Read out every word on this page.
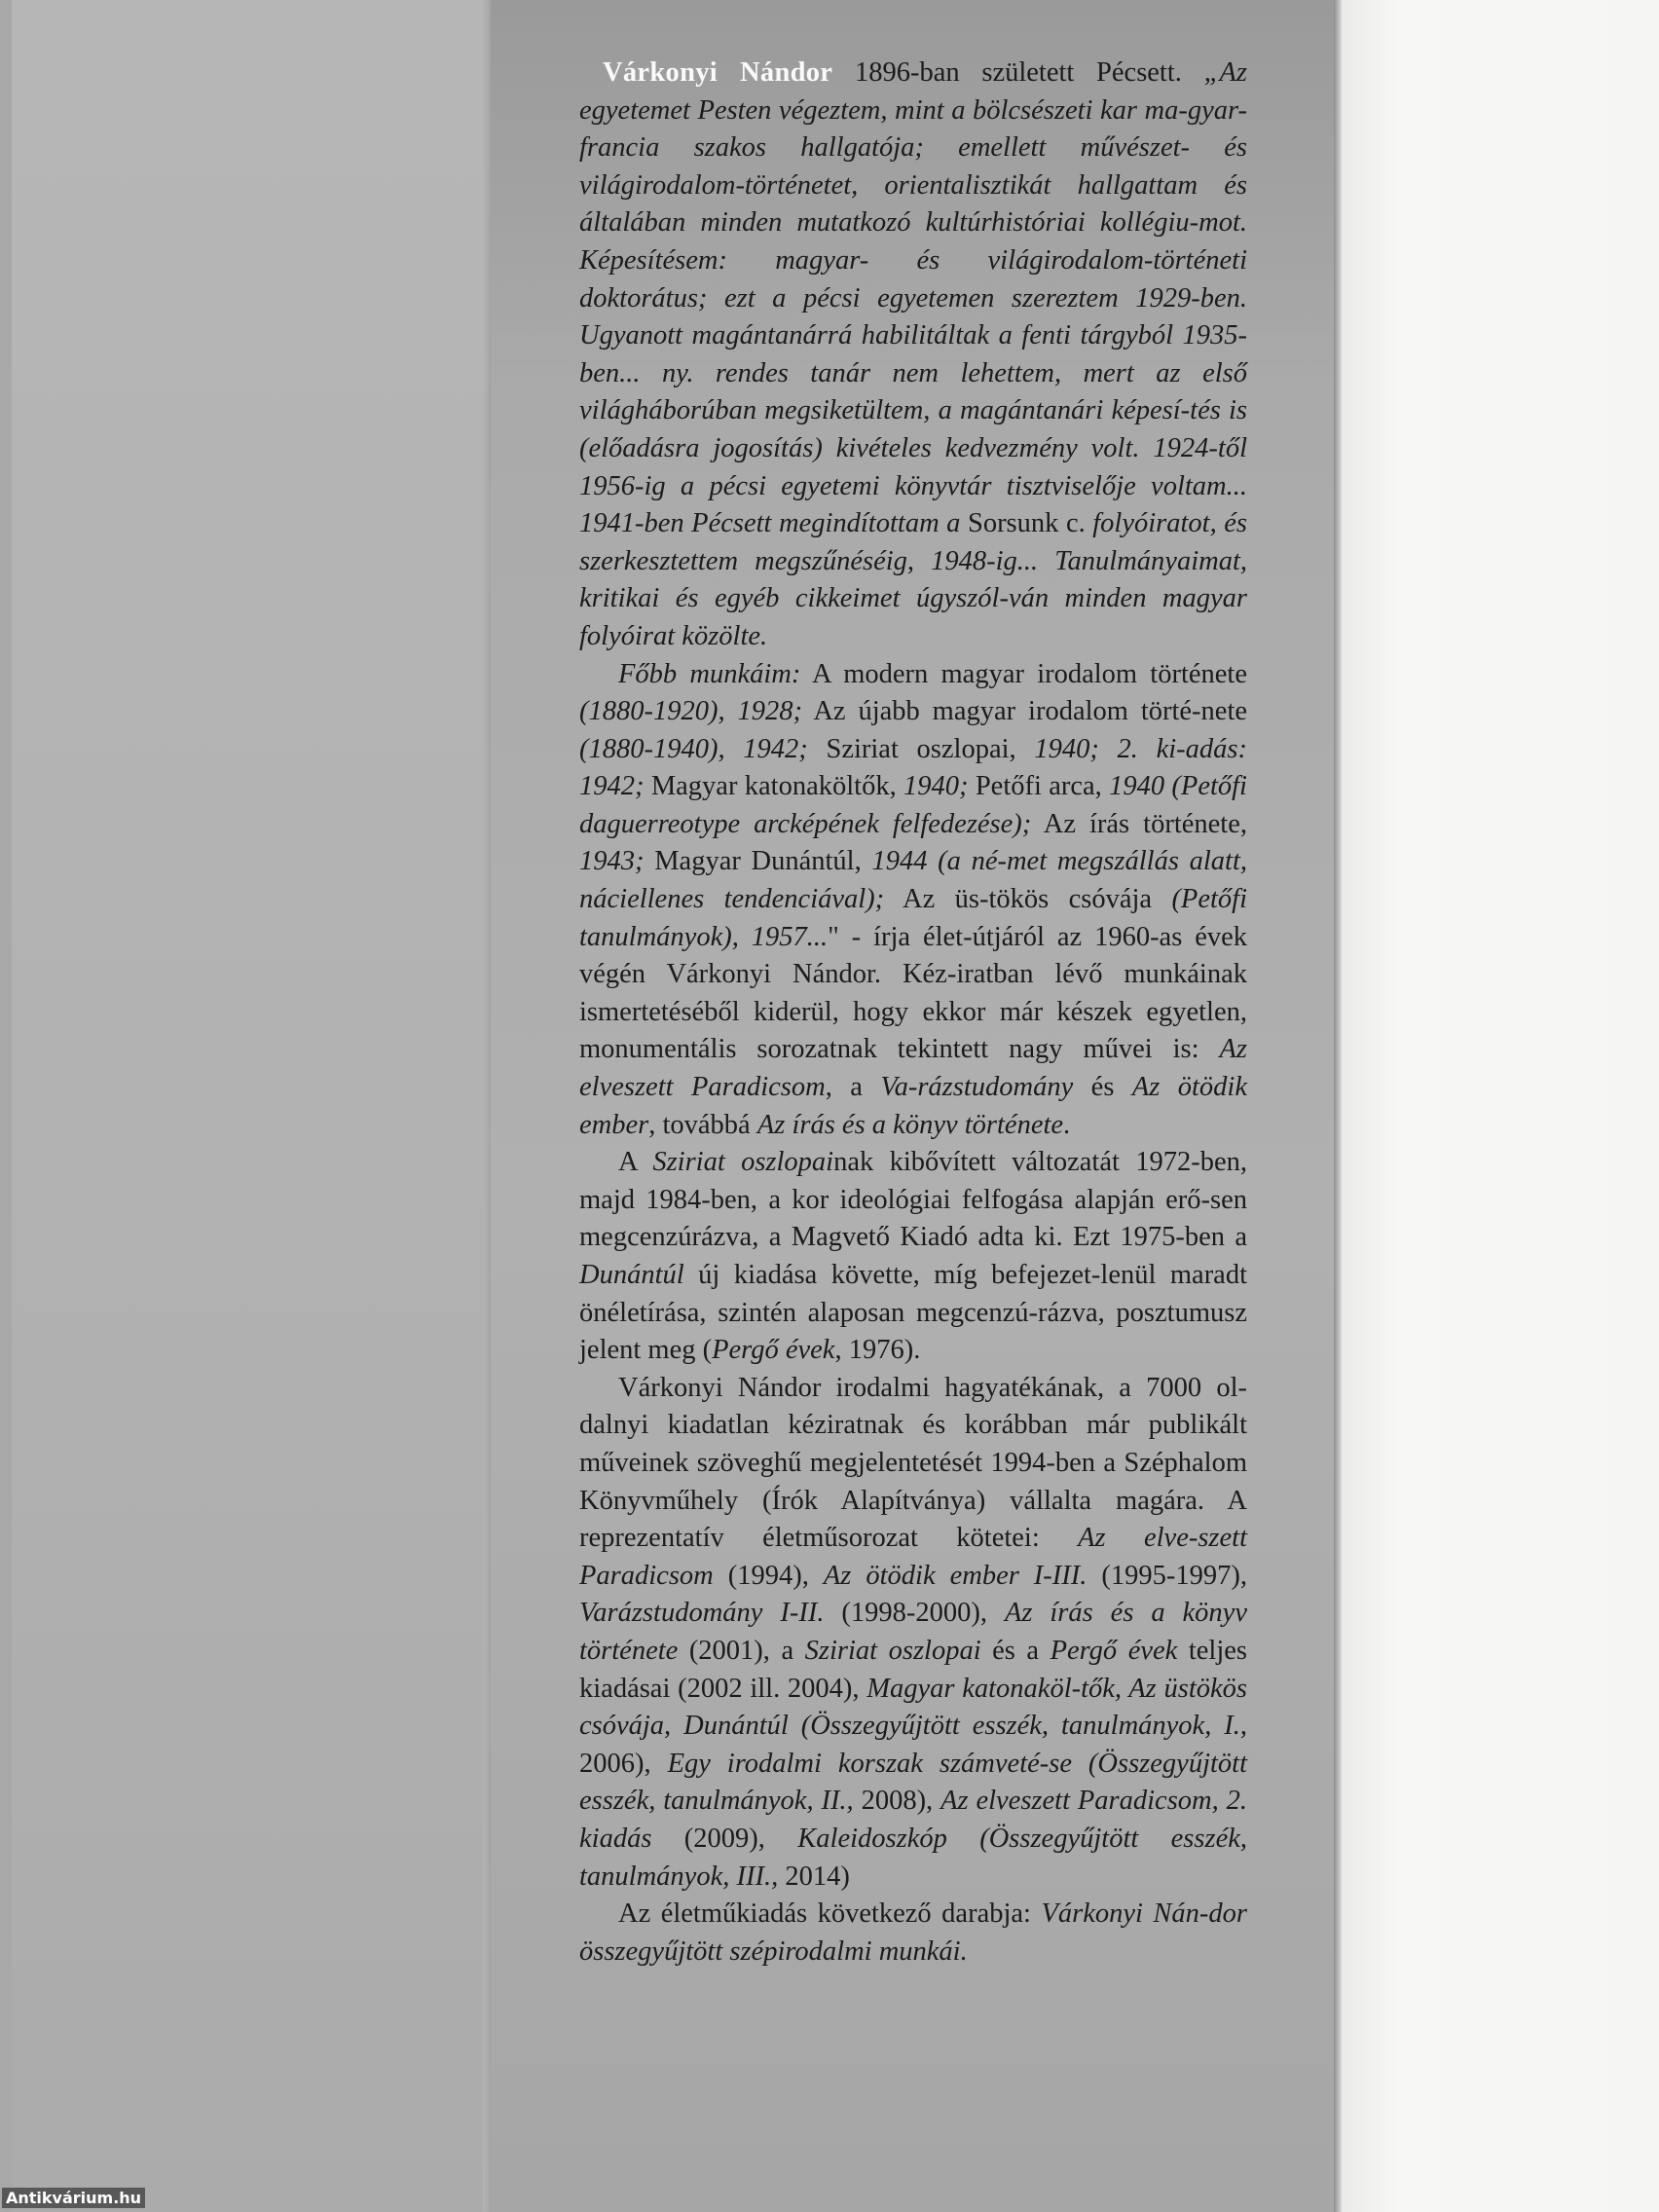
Várkonyi Nándor 1896-ban született Pécsett. „Az egyetemet Pesten végeztem, mint a bölcsészeti kar ma-gyar-francia szakos hallgatója; emellett művészet- és világirodalom-történetet, orientalisztikát hallgattam és általában minden mutatkozó kultúrhistóriai kollégiu-mot. Képesítésem: magyar- és világirodalom-történeti doktorátus; ezt a pécsi egyetemen szereztem 1929-ben. Ugyanott magántanárrá habilitáltak a fenti tárgyból 1935-ben... ny. rendes tanár nem lehettem, mert az első világháborúban megsiketültem, a magántanári képesí-tés is (előadásra jogosítás) kivételes kedvezmény volt. 1924-től 1956-ig a pécsi egyetemi könyvtár tisztviselője voltam... 1941-ben Pécsett megindítottam a Sorsunk c. folyóiratot, és szerkesztettem megszűnéséig, 1948-ig... Tanulmányaimat, kritikai és egyéb cikkeimet úgyszól-ván minden magyar folyóirat közölte.

Főbb munkáim: A modern magyar irodalom története (1880-1920), 1928; Az újabb magyar irodalom törté-nete (1880-1940), 1942; Sziriat oszlopai, 1940; 2. ki-adás: 1942; Magyar katonaköltők, 1940; Petőfi arca, 1940 (Petőfi daguerreotype arcképének felfedezése); Az írás története, 1943; Magyar Dunántúl, 1944 (a né-met megszállás alatt, náciellenes tendenciával); Az üs-tökös csóvája (Petőfi tanulmányok), 1957..." - írja élet-útjáról az 1960-as évek végén Várkonyi Nándor. Kéz-iratban lévő munkáinak ismertetéséből kiderül, hogy ekkor már készek egyetlen, monumentális sorozatnak tekintett nagy művei is: Az elveszett Paradicsom, a Va-rázstudomány és Az ötödik ember, továbbá Az írás és a könyv története.

A Sziriat oszlopainak kibővített változatát 1972-ben, majd 1984-ben, a kor ideológiai felfogása alapján erő-sen megcenzúrázva, a Magvető Kiadó adta ki. Ezt 1975-ben a Dunántúl új kiadása követte, míg befejezet-lenül maradt önéletírása, szintén alaposan megcenzú-rázva, posztumusz jelent meg (Pergő évek, 1976).

Várkonyi Nándor irodalmi hagyatékának, a 7000 ol-dalnyi kiadatlan kéziratnak és korábban már publikált műveinek szöveghű megjelentetését 1994-ben a Széphalom Könyvműhely (Írók Alapítványa) vállalta magára. A reprezentatív életműsorozat kötetei: Az elve-szett Paradicsom (1994), Az ötödik ember I-III. (1995-1997), Varázstudomány I-II. (1998-2000), Az írás és a könyv története (2001), a Sziriat oszlopai és a Pergő évek teljes kiadásai (2002 ill. 2004), Magyar katonaköl-tők, Az üstökös csóvája, Dunántúl (Összegyűjtött esszék, tanulmányok, I., 2006), Egy irodalmi korszak számveté-se (Összegyűjtött esszék, tanulmányok, II., 2008), Az elveszett Paradicsom, 2. kiadás (2009), Kaleidoszkóp (Összegyűjtött esszék, tanulmányok, III., 2014)

Az életműkiadás következő darabja: Várkonyi Nán-dor összegyűjtött szépirodalmi munkái.

Antikvárium.hu
